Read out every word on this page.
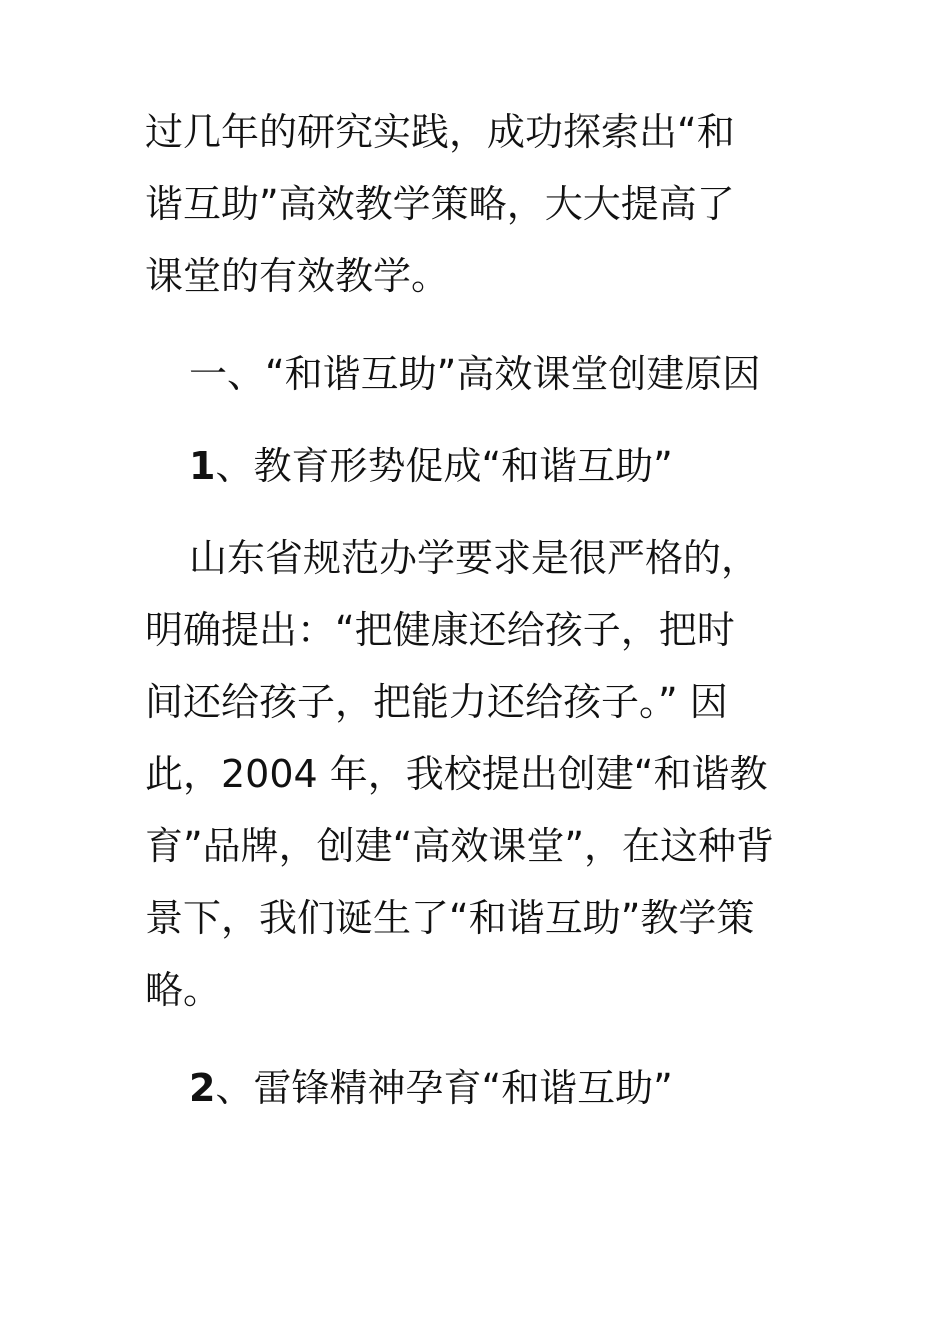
过几年的研究实践，成功探索出“和
谐互助”高效教学策略，大大提高了
课堂的有效教学。

一、“和谐互助”高效课堂创建原因

1、教育形势促成“和谐互助”

山东省规范办学要求是很严格的，
明确提出：“把健康还给孩子，把时
间还给孩子，把能力还给孩子。” 因
此，2004 年，我校提出创建“和谐教
育”品牌，创建“高效课堂”，在这种背
景下，我们诞生了“和谐互助”教学策
略。

2、雷锋精神孕育“和谐互助”
